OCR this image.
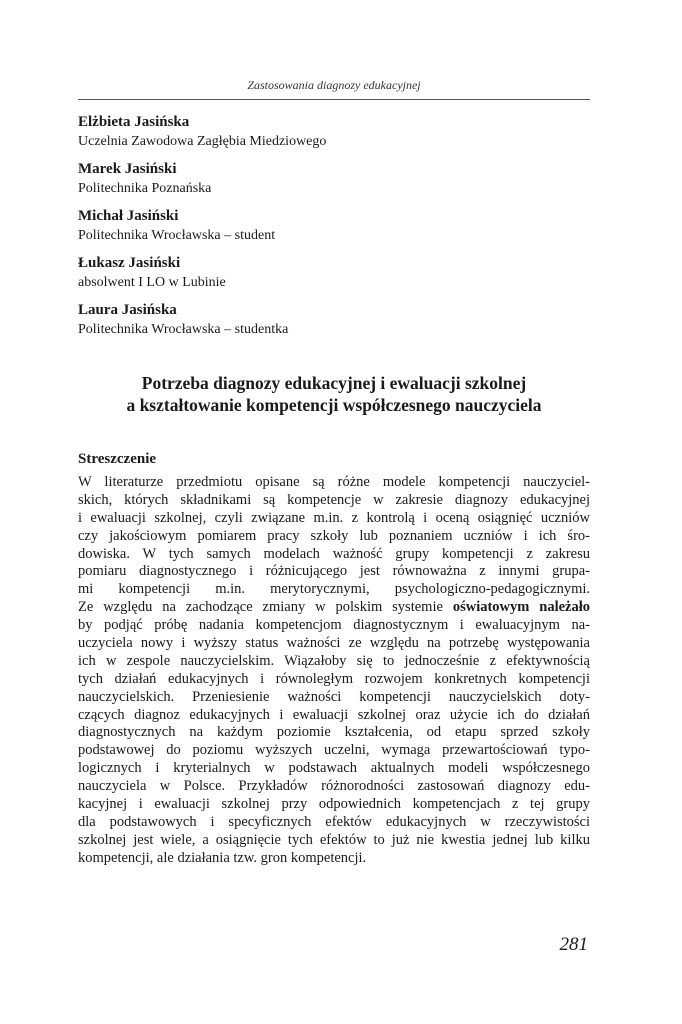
Zastosowania diagnozy edukacyjnej
Elżbieta Jasińska
Uczelnia Zawodowa Zagłębia Miedziowego
Marek Jasiński
Politechnika Poznańska
Michał Jasiński
Politechnika Wrocławska – student
Łukasz Jasiński
absolwent I LO w Lubinie
Laura Jasińska
Politechnika Wrocławska – studentka
Potrzeba diagnozy edukacyjnej i ewaluacji szkolnej
a kształtowanie kompetencji współczesnego nauczyciela
Streszczenie
W literaturze przedmiotu opisane są różne modele kompetencji nauczyciel-
skich, których składnikami są kompetencje w zakresie diagnozy edukacyjnej
i ewaluacji szkolnej, czyli związane m.in. z kontrolą i oceną osiągnięć uczniów
czy jakościowym pomiarem pracy szkoły lub poznaniem uczniów i ich śro-
dowiska. W tych samych modelach ważność grupy kompetencji z zakresu
pomiaru diagnostycznego i różnicującego jest równoważna z innymi grupa-
mi kompetencji m.in. merytorycznymi, psychologiczno-pedagogicznymi.
Ze względu na zachodzące zmiany w polskim systemie oświatowym należało
by podjąć próbę nadania kompetencjom diagnostycznym i ewaluacyjnym na-
uczyciela nowy i wyższy status ważności ze względu na potrzebę występowania
ich w zespole nauczycielskim. Wiązałoby się to jednocześnie z efektywnością
tych działań edukacyjnych i równoległym rozwojem konkretnych kompetencji
nauczycielskich. Przeniesienie ważności kompetencji nauczycielskich doty-
czących diagnoz edukacyjnych i ewaluacji szkolnej oraz użycie ich do działań
diagnostycznych na każdym poziomie kształcenia, od etapu sprzed szkoły
podstawowej do poziomu wyższych uczelni, wymaga przewartościowań typo-
logicznych i kryterialnych w podstawach aktualnych modeli współczesnego
nauczyciela w Polsce. Przykładów różnorodności zastosowań diagnozy edu-
kacyjnej i ewaluacji szkolnej przy odpowiednich kompetencjach z tej grupy
dla podstawowych i specyficznych efektów edukacyjnych w rzeczywistości
szkolnej jest wiele, a osiągnięcie tych efektów to już nie kwestia jednej lub kilku
kompetencji, ale działania tzw. gron kompetencji.
281
